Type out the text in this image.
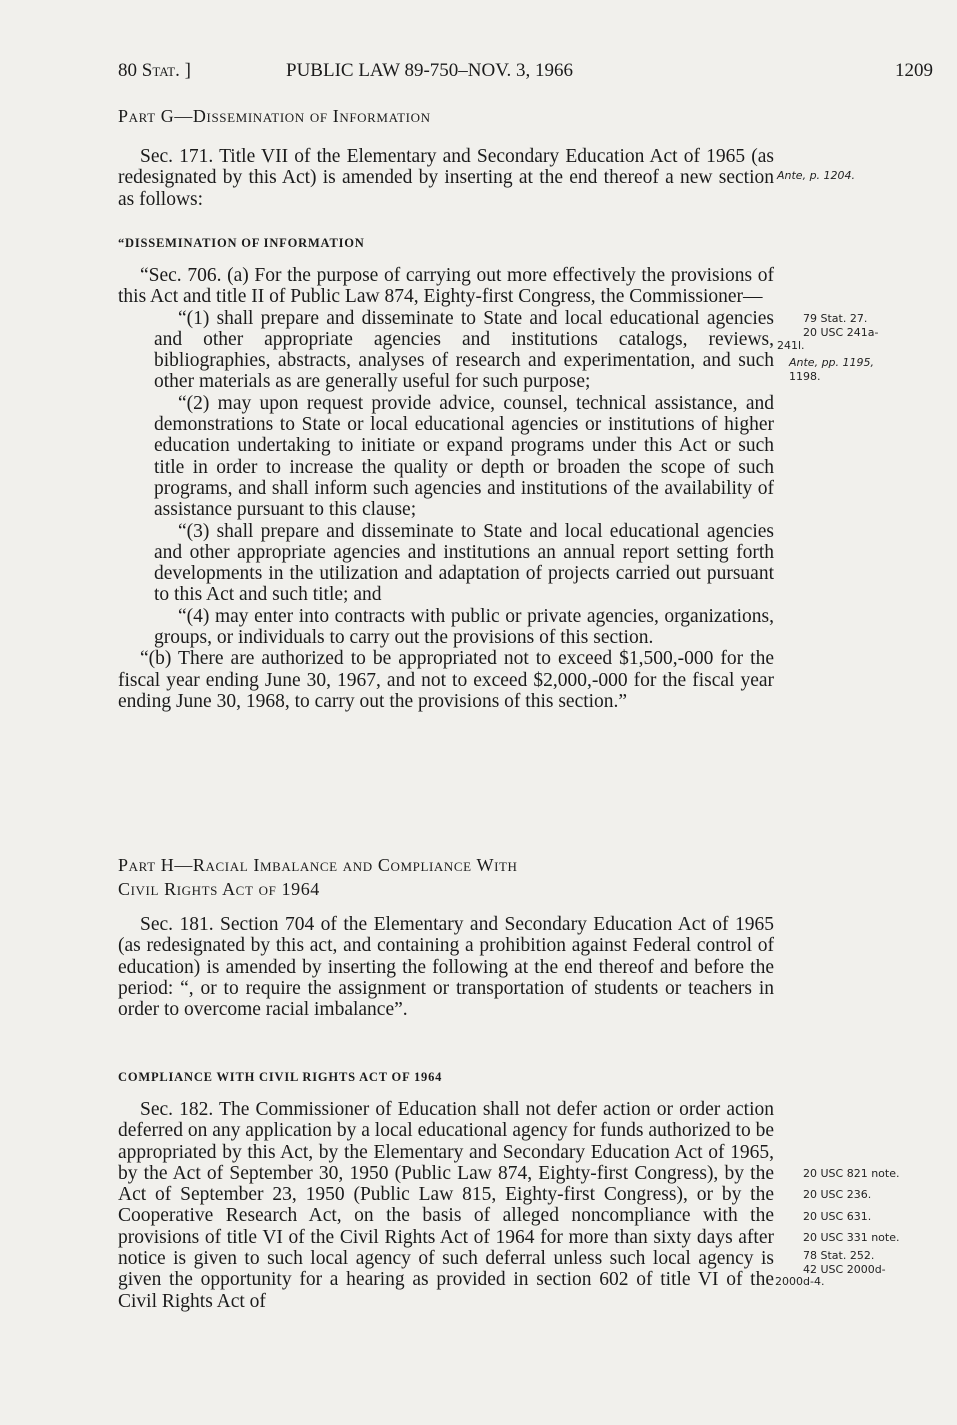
80 Stat. ]	PUBLIC LAW 89-750–NOV. 3, 1966	1209

Part G—Dissemination of Information

Sec. 171. Title VII of the Elementary and Secondary Education Act of 1965 (as redesignated by this Act) is amended by inserting at the end thereof a new section as follows:

“DISSEMINATION OF INFORMATION

“Sec. 706. (a) For the purpose of carrying out more effectively the provisions of this Act and title II of Public Law 874, Eighty-first Congress, the Commissioner—

“(1) shall prepare and disseminate to State and local educational agencies and other appropriate agencies and institutions catalogs, reviews, bibliographies, abstracts, analyses of research and experimentation, and such other materials as are generally useful for such purpose;

“(2) may upon request provide advice, counsel, technical assistance, and demonstrations to State or local educational agencies or institutions of higher education undertaking to initiate or expand programs under this Act or such title in order to increase the quality or depth or broaden the scope of such programs, and shall inform such agencies and institutions of the availability of assistance pursuant to this clause;

“(3) shall prepare and disseminate to State and local educational agencies and other appropriate agencies and institutions an annual report setting forth developments in the utilization and adaptation of projects carried out pursuant to this Act and such title; and

“(4) may enter into contracts with public or private agencies, organizations, groups, or individuals to carry out the provisions of this section.

“(b) There are authorized to be appropriated not to exceed $1,500,-000 for the fiscal year ending June 30, 1967, and not to exceed $2,000,-000 for the fiscal year ending June 30, 1968, to carry out the provisions of this section.”

Part H—Racial Imbalance and Compliance With

Civil Rights Act of 1964

Sec. 181. Section 704 of the Elementary and Secondary Education Act of 1965 (as redesignated by this act, and containing a prohibition against Federal control of education) is amended by inserting the following at the end thereof and before the period: “, or to require the assignment or transportation of students or teachers in order to overcome racial imbalance”.

COMPLIANCE WITH CIVIL RIGHTS ACT OF 1964

Sec. 182. The Commissioner of Education shall not defer action or order action deferred on any application by a local educational agency for funds authorized to be appropriated by this Act, by the Elementary and Secondary Education Act of 1965, by the Act of September 30, 1950 (Public Law 874, Eighty-first Congress), by the Act of September 23, 1950 (Public Law 815, Eighty-first Congress), or by the Cooperative Research Act, on the basis of alleged noncompliance with the provisions of title VI of the Civil Rights Act of 1964 for more than sixty days after notice is given to such local agency of such deferral unless such local agency is given the opportunity for a hearing as provided in section 602 of title VI of the Civil Rights Act of

Ante, p. 1204.
79 Stat. 27.
20 USC 241a-
241l.
Ante, pp. 1195,
1198.
20 USC 821 note.
20 USC 236.
20 USC 631.
20 USC 331 note.
78 Stat. 252.
42 USC 2000d-
2000d-4.
